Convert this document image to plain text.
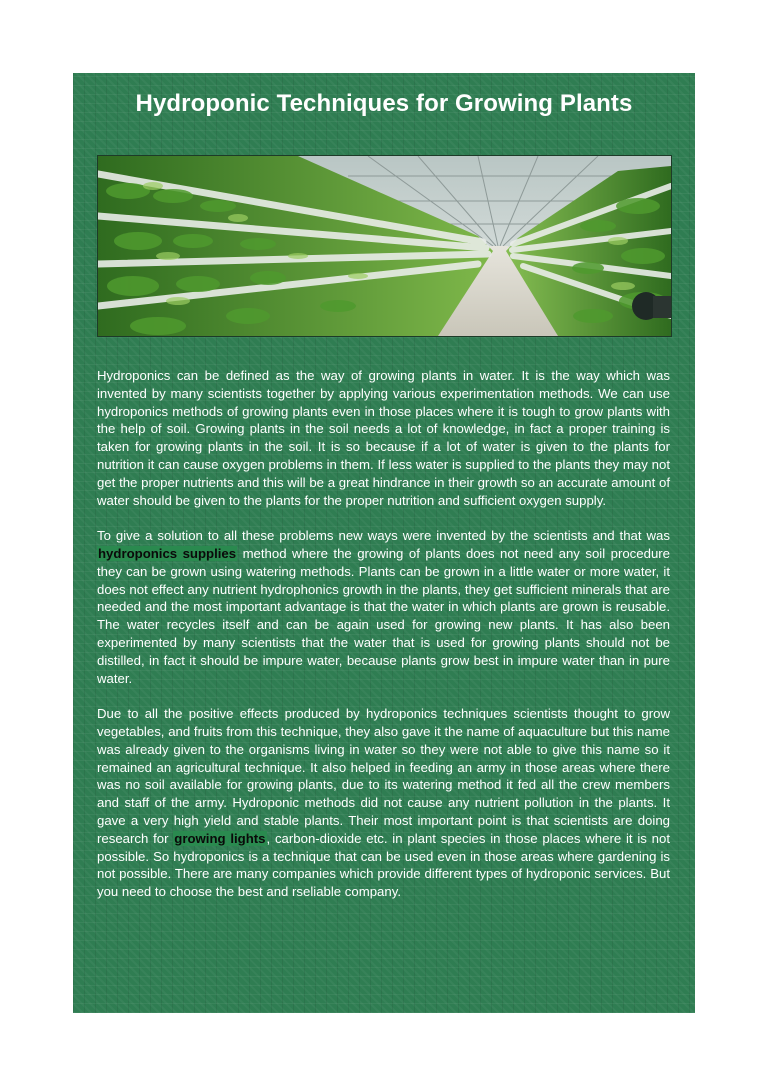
Hydroponic Techniques for Growing Plants

Hydroponics can be defined as the way of growing plants in water. It is the way which was invented by many scientists together by applying various experimentation methods. We can use hydroponics methods of growing plants even in those places where it is tough to grow plants with the help of soil. Growing plants in the soil needs a lot of knowledge, in fact a proper training is taken for growing plants in the soil. It is so because if a lot of water is given to the plants for nutrition it can cause oxygen problems in them. If less water is supplied to the plants they may not get the proper nutrients and this will be a great hindrance in their growth so an accurate amount of water should be given to the plants for the proper nutrition and sufficient oxygen supply.

To give a solution to all these problems new ways were invented by the scientists and that was hydroponics supplies method where the growing of plants does not need any soil procedure they can be grown using watering methods. Plants can be grown in a little water or more water, it does not effect any nutrient hydrophonics growth in the plants, they get sufficient minerals that are needed and the most important advantage is that the water in which plants are grown is reusable. The water recycles itself and can be again used for growing new plants. It has also been experimented by many scientists that the water that is used for growing plants should not be distilled, in fact it should be impure water, because plants grow best in impure water than in pure water.

Due to all the positive effects produced by hydroponics techniques scientists thought to grow vegetables, and fruits from this technique, they also gave it the name of aquaculture but this name was already given to the organisms living in water so they were not able to give this name so it remained an agricultural technique. It also helped in feeding an army in those areas where there was no soil available for growing plants, due to its watering method it fed all the crew members and staff of the army. Hydroponic methods did not cause any nutrient pollution in the plants. It gave a very high yield and stable plants. Their most important point is that scientists are doing research for growing lights, carbon-dioxide etc. in plant species in those places where it is not possible. So hydroponics is a technique that can be used even in those areas where gardening is not possible. There are many companies which provide different types of hydroponic services. But you need to choose the best and rseliable company.
